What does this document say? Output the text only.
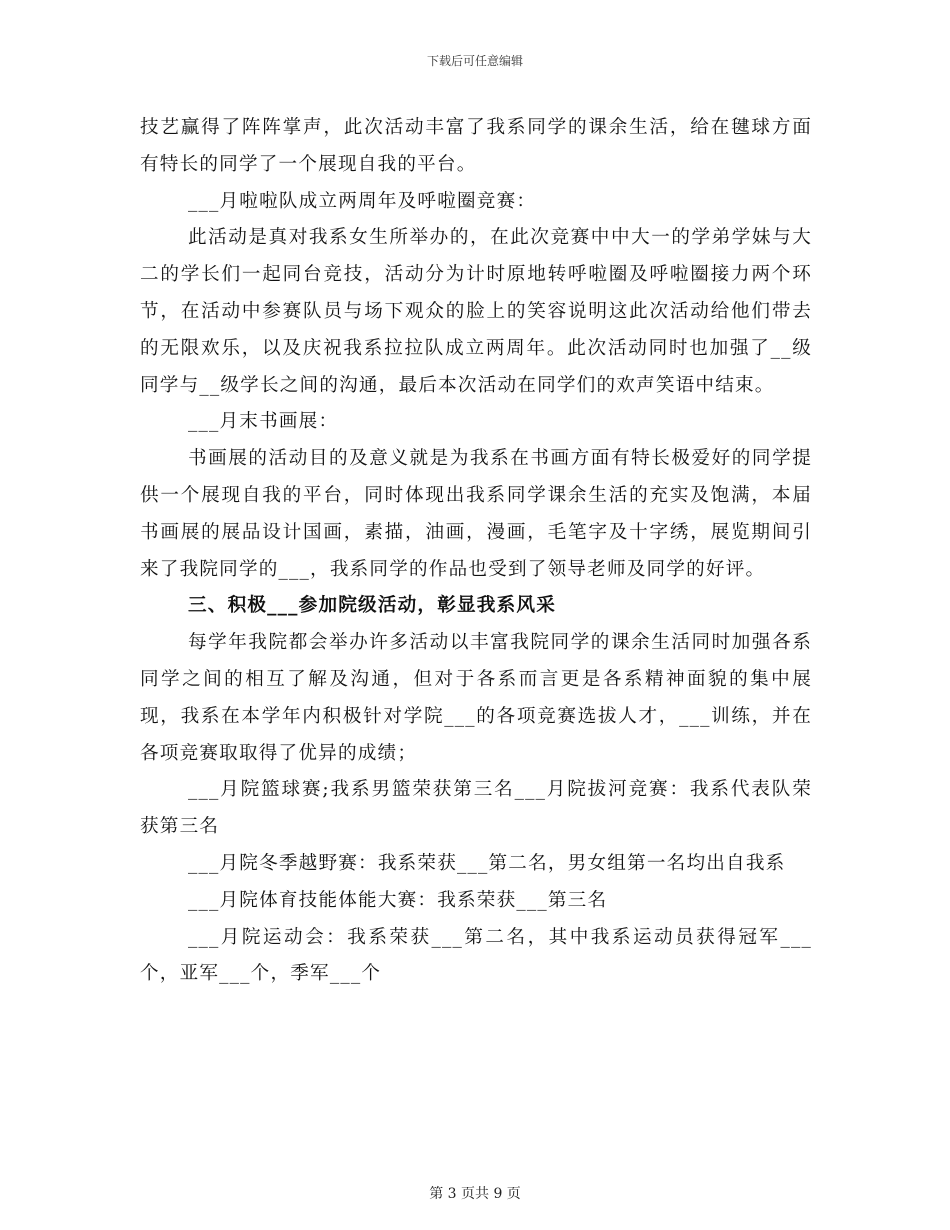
下载后可任意编辑

技艺赢得了阵阵掌声，此次活动丰富了我系同学的课余生活，给在毽球方面有特长的同学了一个展现自我的平台。

___月啦啦队成立两周年及呼啦圈竞赛：

此活动是真对我系女生所举办的，在此次竞赛中中大一的学弟学妹与大二的学长们一起同台竞技，活动分为计时原地转呼啦圈及呼啦圈接力两个环节，在活动中参赛队员与场下观众的脸上的笑容说明这此次活动给他们带去的无限欢乐，以及庆祝我系拉拉队成立两周年。此次活动同时也加强了__级同学与__级学长之间的沟通，最后本次活动在同学们的欢声笑语中结束。

___月末书画展：

书画展的活动目的及意义就是为我系在书画方面有特长极爱好的同学提供一个展现自我的平台，同时体现出我系同学课余生活的充实及饱满，本届书画展的展品设计国画，素描，油画，漫画，毛笔字及十字绣，展览期间引来了我院同学的___，我系同学的作品也受到了领导老师及同学的好评。

三、积极___参加院级活动，彰显我系风采

每学年我院都会举办许多活动以丰富我院同学的课余生活同时加强各系同学之间的相互了解及沟通，但对于各系而言更是各系精神面貌的集中展现，我系在本学年内积极针对学院___的各项竞赛选拔人才，___训练，并在各项竞赛取取得了优异的成绩；

___月院篮球赛;我系男篮荣获第三名___月院拔河竞赛：我系代表队荣获第三名

___月院冬季越野赛：我系荣获___第二名，男女组第一名均出自我系

___月院体育技能体能大赛：我系荣获___第三名

___月院运动会：我系荣获___第二名，其中我系运动员获得冠军___个，亚军___个，季军___个

第 3 页共 9 页
